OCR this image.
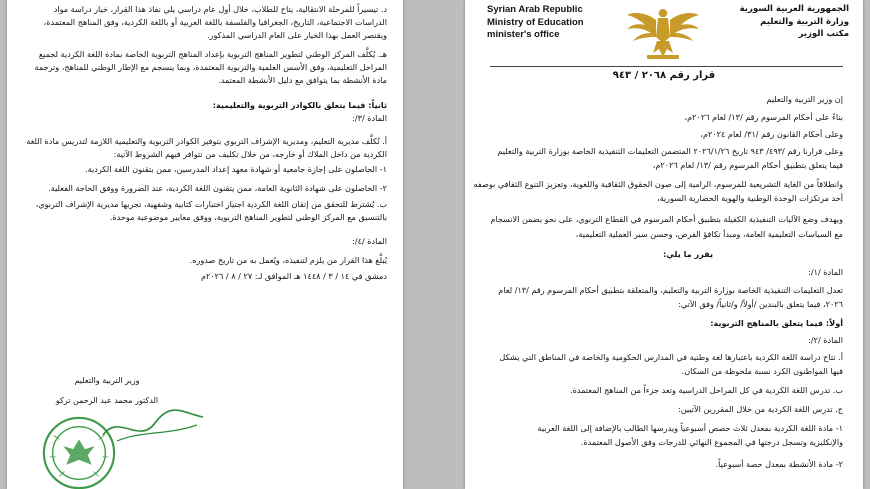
د. تيسيراً للمرحلة الانتقالية، يتاح للطلاب، خلال أول عام دراسي يلي نفاذ هذا القرار، خيار دراسة مواد
الدراسات الاجتماعية، التاريخ، الجغرافيا والفلسفة باللغة العربية أو باللغة الكردية، وفق المناهج المعتمدة،
ويقتصر العمل بهذا الخيار على العام الدراسي المذكور.
هـ. يُكلَّف المركز الوطني لتطوير المناهج التربوية بإعداد المناهج التربوية الخاصة بمادة اللغة الكردية لجميع
المراحل التعليمية، وفق الأسس العلمية والتربوية المعتمدة، وبما ينسجم مع الإطار الوطني للمناهج، وترجمة
مادة الأنشطة بما يتوافق مع دليل الأنشطة المعتمد.
ثانياً: فيما يتعلق بالكوادر التربوية والتعليمية:
المادة /٣/:
أ. تُكلَّف مديرية التعليم، ومديرية الإشراف التربوي بتوفير الكوادر التربوية والتعليمية اللازمة لتدريس مادة اللغة
الكردية من داخل الملاك أو خارجه، من خلال تكليف من تتوافر فيهم الشروط الآتية:
١- الحاصلون على إجازة جامعية أو شهادة معهد إعداد المدرسين، ممن يتقنون اللغة الكردية.
٢- الحاصلون على شهادة الثانوية العامة، ممن يتقنون اللغة الكردية، عند الضرورة ووفق الحاجة الفعلية.
ب. يُشترط للتحقق من إتقان اللغة الكردية اجتياز اختبارات كتابية وشفهية، تجريها مديرية الإشراف التربوي،
بالتنسيق مع المركز الوطني لتطوير المناهج التربوية، ووفق معايير موضوعية موحدة.
المادة /٤/:
يُبلَّغ هذا القرار من يلزم لتنفيذه، ويُعمل به من تاريخ صدوره.
دمشق في ١٤ / ٣ / ١٤٤٨ هـ الموافق لـ: ٢٧ / ٨ / ٢٠٢٦م
وزير التربية والتعليم
الدكتور محمد عبد الرحمن تركو
Syrian Arab Republic
Ministry of Education
minister's office
الجمهورية العربية السورية
وزارة التربية والتعليم
مكتب الوزير
قرار رقم ۲۰٦۸ / ٩٤٣
إن وزير التربية والتعليم
بناءً على أحكام المرسوم رقم /١٣/ لعام ٢٠٢٦م،
وعلى أحكام القانون رقم /٣١/ لعام ٢٠٢٤م،
وعلى قرارنا رقم /٤٩٣/ ٩٤٣ تاريخ ٢٠٢٦/١/٢٦ المتضمن التعليمات التنفيذية الخاصة بوزارة التربية والتعليم
فيما يتعلق بتطبيق أحكام المرسوم رقم /١٣/ لعام ٢٠٢٦م،
وانطلاقاً من الغاية التشريعية للمرسوم، الرامية إلى صون الحقوق الثقافية واللغوية، وتعزيز التنوع الثقافي بوصفه
أحد مرتكزات الوحدة الوطنية والهوية الحضارية السورية،
ويهدف وضع الآليات التنفيذية الكفيلة بتطبيق أحكام المرسوم في القطاع التربوي، على نحو يضمن الانسجام
مع السياسات التعليمية العامة، ومبدأ تكافؤ الفرص، وحسن سير العملية التعليمية،
يقرر ما يلي:
المادة /١/:
تعدل التعليمات التنفيذية الخاصة بوزارة التربية والتعليم، والمتعلقة بتطبيق أحكام المرسوم رقم /١٣/ لعام
٢٠٢٦، فيما يتعلق بالبندين /أولاً/ و/ثانياً/ وفق الآتي:
أولاً: فيما يتعلق بالمناهج التربوية:
المادة /٢/:
أ. تتاح دراسة اللغة الكردية باعتبارها لغة وطنية في المدارس الحكومية والخاصة في المناطق التي يشكل
فيها المواطنون الكرد نسبة ملحوظة من السكان.
ب. تدرس اللغة الكردية في كل المراحل الدراسية وتعد جزءاً من المناهج المعتمدة.
ج. تدرس اللغة الكردية من خلال المقررين الآتيين:
١- مادة اللغة الكردية بمعدل ثلاث حصص أسبوعياً ويدرسها الطالب بالإضافة إلى اللغة العربية
والإنكليزية وتسجل درجتها في المجموع النهائي للدرجات وفق الأصول المعتمدة.
٢- مادة الأنشطة بمعدل حصة أسبوعياً.
